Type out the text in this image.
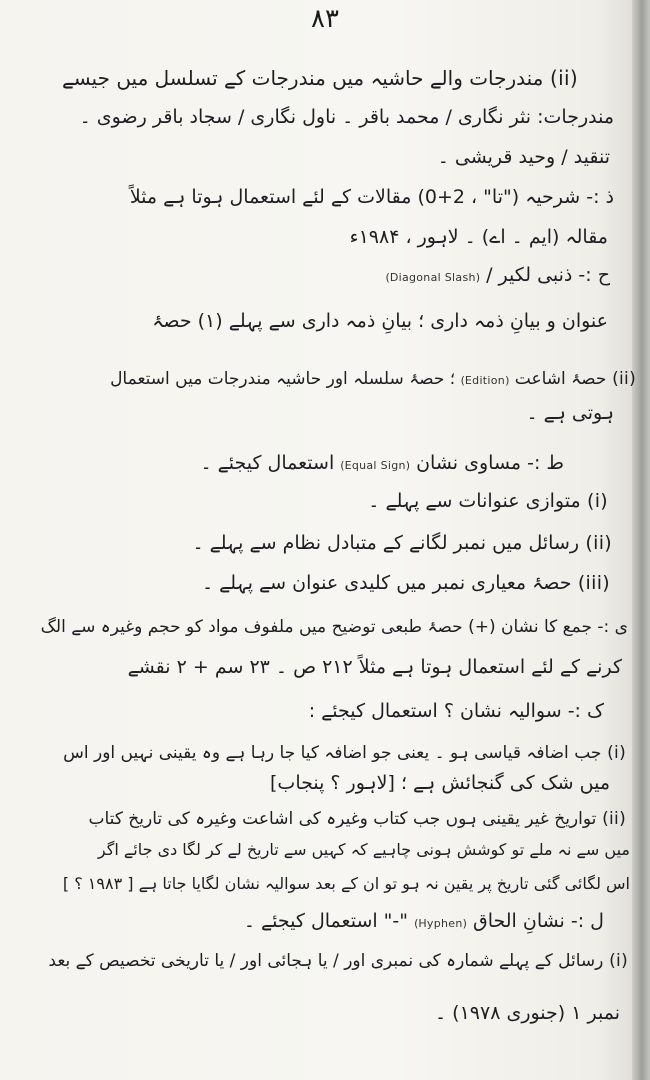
۸۳
(ii) مندرجات والے حاشیہ میں مندرجات کے تسلسل میں جیسے
مندرجات: نثر نگاری / محمد باقر ۔ ناول نگاری / سجاد باقر رضوی ۔
تنقید / وحید قریشی ۔
ذ :- شرحیہ ("تا" ، 2+0) مقالات کے لئے استعمال ہوتا ہے مثلاً
مقالہ (ایم ۔ اے) ۔ لاہور ، ۱۹۸۴ء
ح :- ذنبی لکیر / (Diagonal Slash)
عنوان و بیانِ ذمہ داری ؛ بیانِ ذمہ داری سے پہلے (۱) حصۂ
(ii) حصۂ اشاعت (Edition) ؛ حصۂ سلسلہ اور حاشیہ مندرجات میں استعمال
ہوتی ہے ۔
ط :- مساوی نشان (Equal Sign) استعمال کیجئے ۔
(i) متوازی عنوانات سے پہلے ۔
(ii) رسائل میں نمبر لگانے کے متبادل نظام سے پہلے ۔
(iii) حصۂ معیاری نمبر میں کلیدی عنوان سے پہلے ۔
ی :- جمع کا نشان (+) حصۂ طبعی توضیح میں ملفوف مواد کو حجم وغیرہ سے الگ
کرنے کے لئے استعمال ہوتا ہے مثلاً ۲۱۲ ص ۔ ۲۳ سم + ۲ نقشے
ک :- سوالیہ نشان ؟ استعمال کیجئے :
(i) جب اضافہ قیاسی ہو ۔ یعنی جو اضافہ کیا جا رہا ہے وہ یقینی نہیں اور اس
میں شک کی گنجائش ہے ؛ [لاہور ؟ پنجاب]
(ii) تواریخ غیر یقینی ہوں جب کتاب وغیرہ کی اشاعت وغیرہ کی تاریخ کتاب
میں سے نہ ملے تو کوشش ہونی چاہیے کہ کہیں سے تاریخ لے کر لگا دی جائے اگر
اس لگائی گئی تاریخ پر یقین نہ ہو تو ان کے بعد سوالیہ نشان لگایا جاتا ہے [ ۱۹۸۳ ؟ ]
ل :- نشانِ الحاق (Hyphen) "-" استعمال کیجئے ۔
(i) رسائل کے پہلے شمارہ کی نمبری اور / یا ہجائی اور / یا تاریخی تخصیص کے بعد
نمبر ۱ (جنوری ۱۹۷۸) ۔
